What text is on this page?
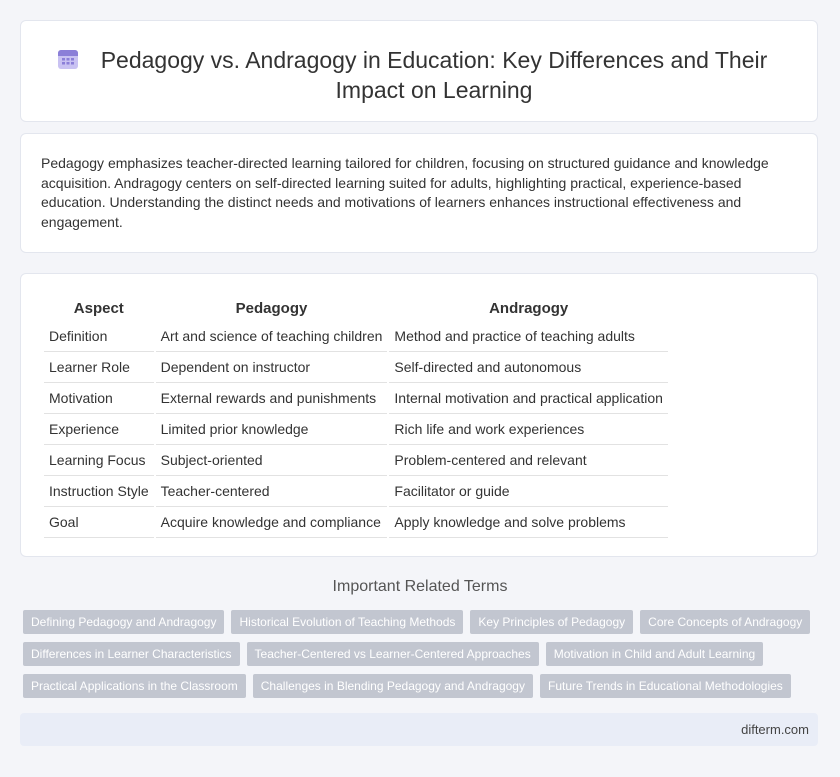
Pedagogy vs. Andragogy in Education: Key Differences and Their Impact on Learning

Pedagogy emphasizes teacher-directed learning tailored for children, focusing on structured guidance and knowledge acquisition. Andragogy centers on self-directed learning suited for adults, highlighting practical, experience-based education. Understanding the distinct needs and motivations of learners enhances instructional effectiveness and engagement.

Aspect	Pedagogy	Andragogy
Definition	Art and science of teaching children	Method and practice of teaching adults
Learner Role	Dependent on instructor	Self-directed and autonomous
Motivation	External rewards and punishments	Internal motivation and practical application
Experience	Limited prior knowledge	Rich life and work experiences
Learning Focus	Subject-oriented	Problem-centered and relevant
Instruction Style	Teacher-centered	Facilitator or guide
Goal	Acquire knowledge and compliance	Apply knowledge and solve problems
Important Related Terms
Defining Pedagogy and Andragogy	Historical Evolution of Teaching Methods	Key Principles of Pedagogy	Core Concepts of Andragogy
Differences in Learner Characteristics	Teacher-Centered vs Learner-Centered Approaches	Motivation in Child and Adult Learning
Practical Applications in the Classroom	Challenges in Blending Pedagogy and Andragogy	Future Trends in Educational Methodologies
difterm.com
